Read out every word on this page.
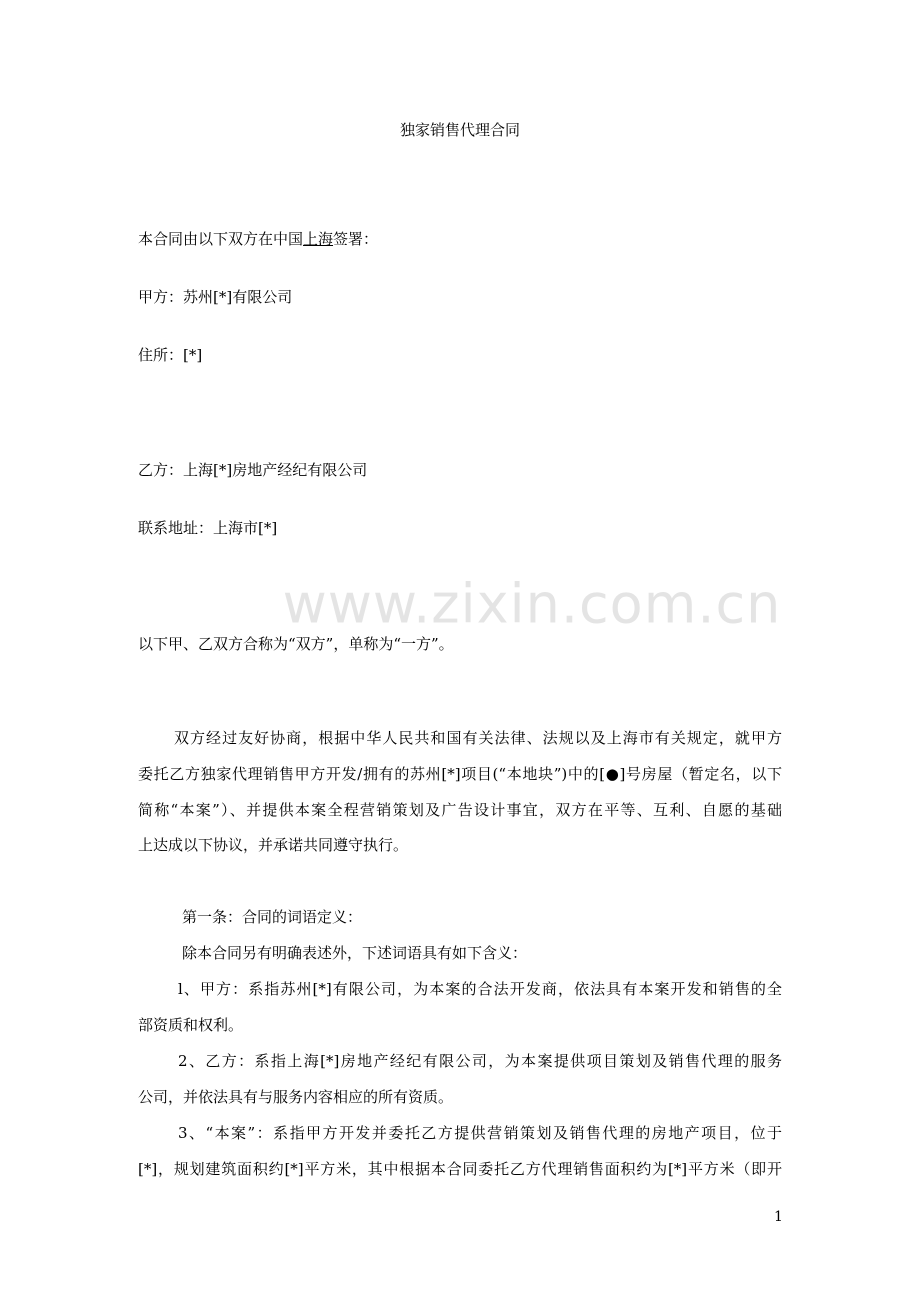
www.zixin.com.cn
独家销售代理合同
本合同由以下双方在中国上海签署：
甲方：苏州[*]有限公司
住所：[*]
乙方：上海[*]房地产经纪有限公司
联系地址：上海市[*]
以下甲、乙双方合称为“双方”，单称为“一方”。
双方经过友好协商，根据中华人民共和国有关法律、法规以及上海市有关规定，就甲方
委托乙方独家代理销售甲方开发/拥有的苏州[*]项目(“本地块”)中的[●]号房屋（暂定名，以下
简称“本案”）、并提供本案全程营销策划及广告设计事宜，双方在平等、互利、自愿的基础
上达成以下协议，并承诺共同遵守执行。
第一条：合同的词语定义：
除本合同另有明确表述外，下述词语具有如下含义：
l、甲方：系指苏州[*]有限公司，为本案的合法开发商，依法具有本案开发和销售的全
部资质和权利。
2、乙方：系指上海[*]房地产经纪有限公司，为本案提供项目策划及销售代理的服务
公司，并依法具有与服务内容相应的所有资质。
3、“本案”：系指甲方开发并委托乙方提供营销策划及销售代理的房地产项目，位于
[*]，规划建筑面积约[*]平方米，其中根据本合同委托乙方代理销售面积约为[*]平方米（即开
1
